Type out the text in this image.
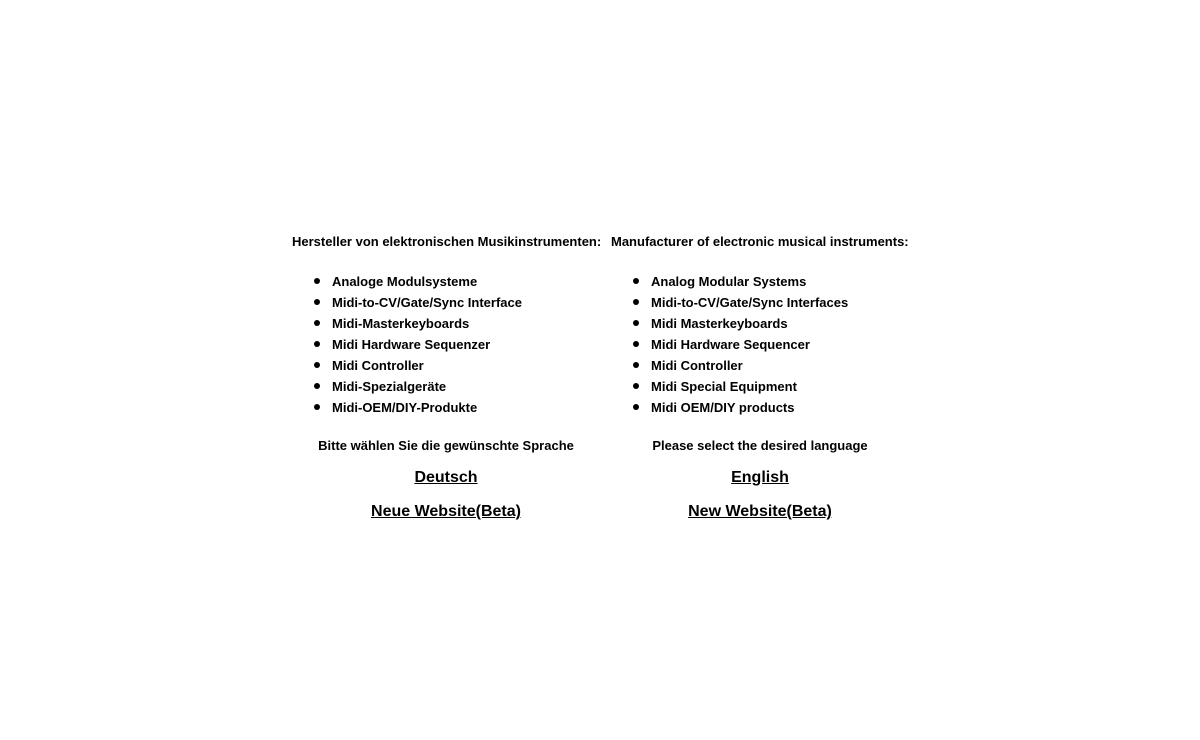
Hersteller von elektronischen Musikinstrumenten:

Analoge Modulsysteme
Midi-to-CV/Gate/Sync Interface
Midi-Masterkeyboards
Midi Hardware Sequenzer
Midi Controller
Midi-Spezialgeräte
Midi-OEM/DIY-Produkte

Manufacturer of electronic musical instruments:

Analog Modular Systems
Midi-to-CV/Gate/Sync Interfaces
Midi Masterkeyboards
Midi Hardware Sequencer
Midi Controller
Midi Special Equipment
Midi OEM/DIY products

Bitte wählen Sie die gewünschte Sprache

Deutsch
Neue Website(Beta)

Please select the desired language

English
New Website(Beta)
